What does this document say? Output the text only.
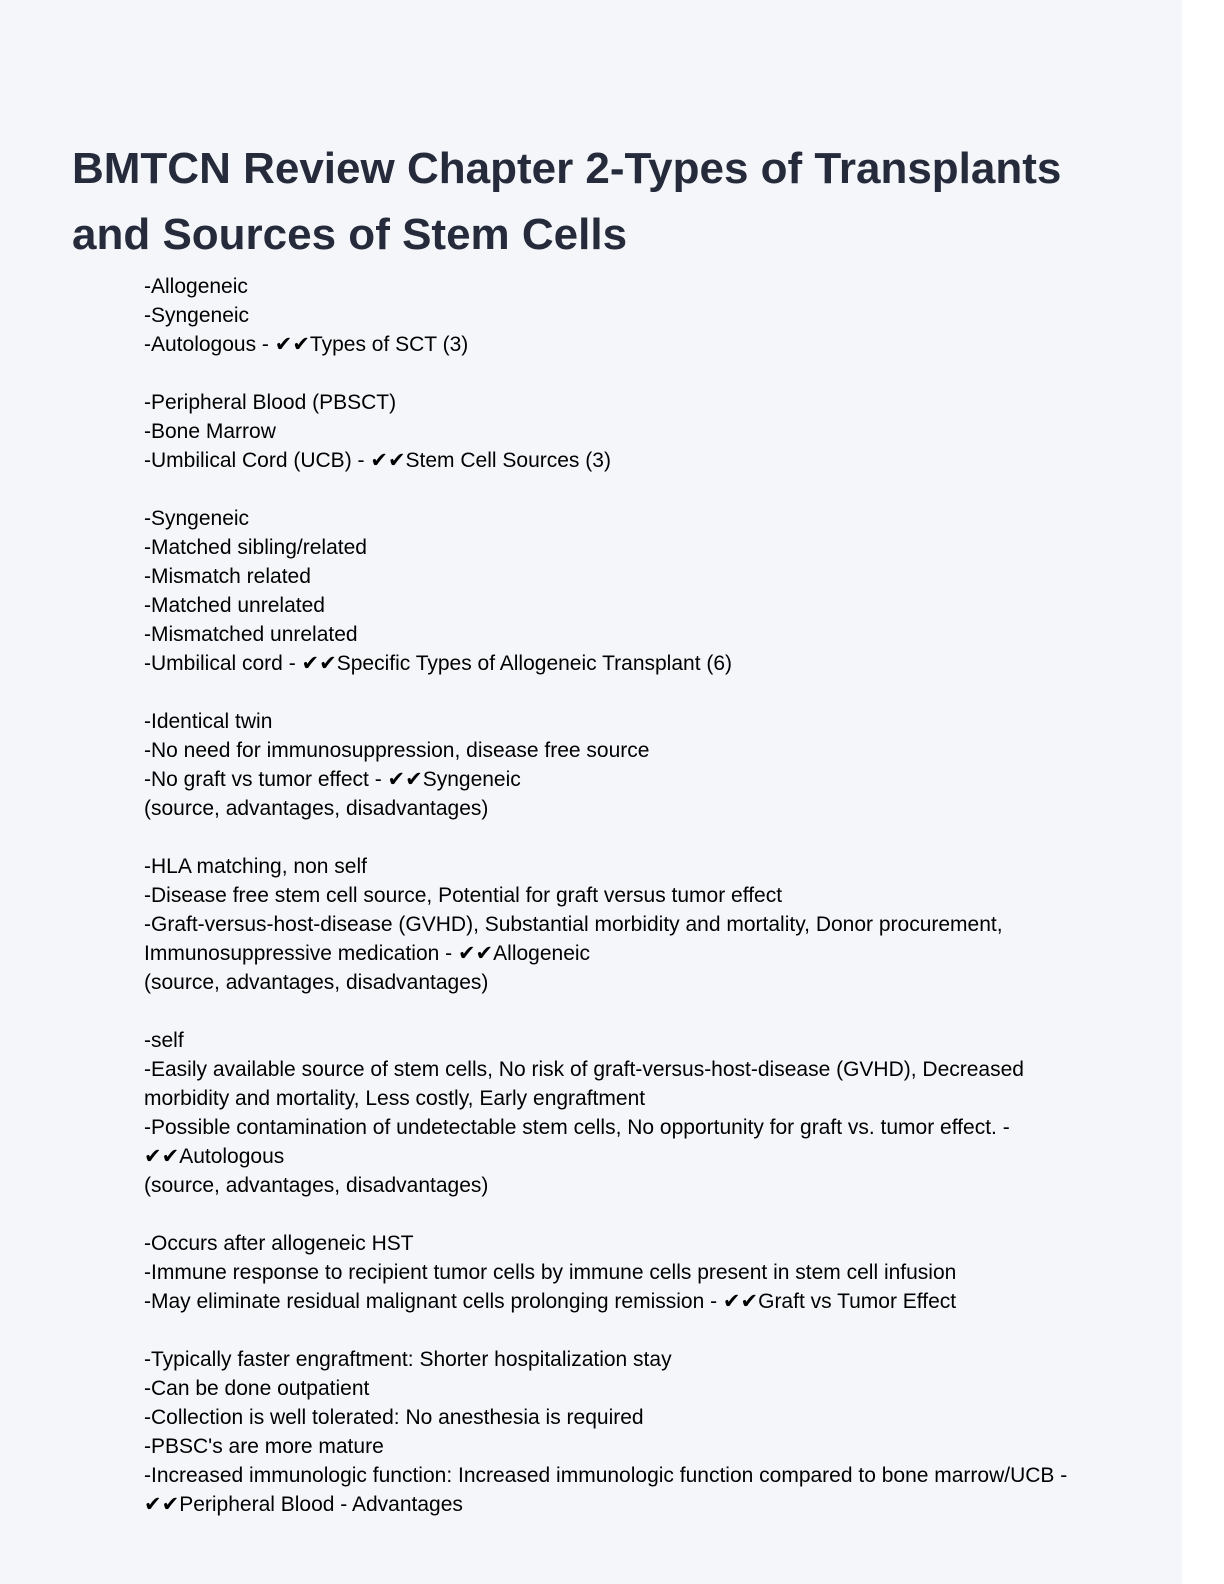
BMTCN Review Chapter 2-Types of Transplants and Sources of Stem Cells
-Allogeneic
-Syngeneic
-Autologous - ✔✔Types of SCT (3)
-Peripheral Blood (PBSCT)
-Bone Marrow
-Umbilical Cord (UCB) - ✔✔Stem Cell Sources (3)
-Syngeneic
-Matched sibling/related
-Mismatch related
-Matched unrelated
-Mismatched unrelated
-Umbilical cord - ✔✔Specific Types of Allogeneic Transplant (6)
-Identical twin
-No need for immunosuppression, disease free source
-No graft vs tumor effect - ✔✔Syngeneic
(source, advantages, disadvantages)
-HLA matching, non self
-Disease free stem cell source, Potential for graft versus tumor effect
-Graft-versus-host-disease (GVHD), Substantial morbidity and mortality, Donor procurement,
Immunosuppressive medication - ✔✔Allogeneic
(source, advantages, disadvantages)
-self
-Easily available source of stem cells, No risk of graft-versus-host-disease (GVHD), Decreased
morbidity and mortality, Less costly, Early engraftment
-Possible contamination of undetectable stem cells, No opportunity for graft vs. tumor effect. -
✔✔Autologous
(source, advantages, disadvantages)
-Occurs after allogeneic HST
-Immune response to recipient tumor cells by immune cells present in stem cell infusion
-May eliminate residual malignant cells prolonging remission - ✔✔Graft vs Tumor Effect
-Typically faster engraftment: Shorter hospitalization stay
-Can be done outpatient
-Collection is well tolerated: No anesthesia is required
-PBSC's are more mature
-Increased immunologic function: Increased immunologic function compared to bone marrow/UCB -
✔✔Peripheral Blood - Advantages
